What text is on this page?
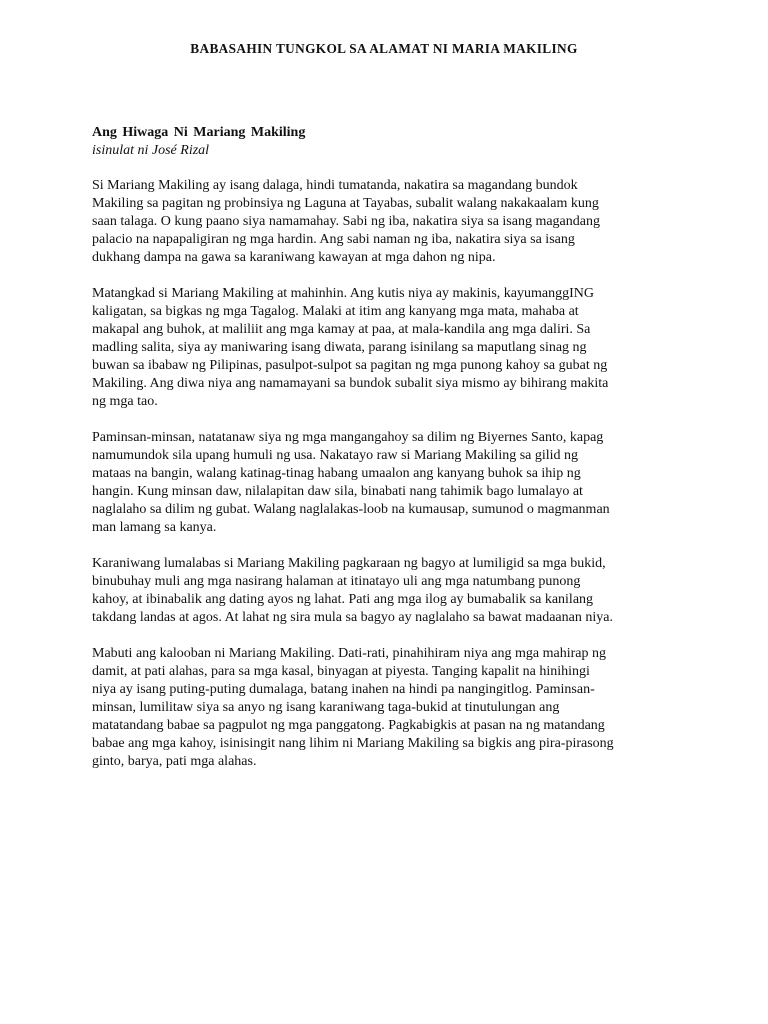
BABASAHIN TUNGKOL SA ALAMAT NI MARIA MAKILING

Ang Hiwaga Ni Mariang Makiling

isinulat ni José Rizal

Si Mariang Makiling ay isang dalaga, hindi tumatanda, nakatira sa magandang bundok
Makiling sa pagitan ng probinsiya ng Laguna at Tayabas, subalit walang nakakaalam kung
saan talaga. O kung paano siya namamahay. Sabi ng iba, nakatira siya sa isang magandang
palacio na napapaligiran ng mga hardin. Ang sabi naman ng iba, nakatira siya sa isang
dukhang dampa na gawa sa karaniwang kawayan at mga dahon ng nipa.
Matangkad si Mariang Makiling at mahinhin. Ang kutis niya ay makinis, kayumanggING
kaligatan, sa bigkas ng mga Tagalog. Malaki at itim ang kanyang mga mata, mahaba at
makapal ang buhok, at maliliit ang mga kamay at paa, at mala-kandila ang mga daliri. Sa
madling salita, siya ay maniwaring isang diwata, parang isinilang sa maputlang sinag ng
buwan sa ibabaw ng Pilipinas, pasulpot-sulpot sa pagitan ng mga punong kahoy sa gubat ng
Makiling. Ang diwa niya ang namamayani sa bundok subalit siya mismo ay bihirang makita
ng mga tao.
Paminsan-minsan, natatanaw siya ng mga mangangahoy sa dilim ng Biyernes Santo, kapag
namumundok sila upang humuli ng usa. Nakatayo raw si Mariang Makiling sa gilid ng
mataas na bangin, walang katinag-tinag habang umaalon ang kanyang buhok sa ihip ng
hangin. Kung minsan daw, nilalapitan daw sila, binabati nang tahimik bago lumalayo at
naglalaho sa dilim ng gubat. Walang naglalakas-loob na kumausap, sumunod o magmanman
man lamang sa kanya.
Karaniwang lumalabas si Mariang Makiling pagkaraan ng bagyo at lumiligid sa mga bukid,
binubuhay muli ang mga nasirang halaman at itinatayo uli ang mga natumbang punong
kahoy, at ibinabalik ang dating ayos ng lahat. Pati ang mga ilog ay bumabalik sa kanilang
takdang landas at agos. At lahat ng sira mula sa bagyo ay naglalaho sa bawat madaanan niya.
Mabuti ang kalooban ni Mariang Makiling. Dati-rati, pinahihiram niya ang mga mahirap ng
damit, at pati alahas, para sa mga kasal, binyagan at piyesta. Tanging kapalit na hinihingi
niya ay isang puting-puting dumalaga, batang inahen na hindi pa nangingitlog. Paminsan-
minsan, lumilitaw siya sa anyo ng isang karaniwang taga-bukid at tinutulungan ang
matatandang babae sa pagpulot ng mga panggatong. Pagkabigkis at pasan na ng matandang
babae ang mga kahoy, isinisingit nang lihim ni Mariang Makiling sa bigkis ang pira-pirasong
ginto, barya, pati mga alahas.
